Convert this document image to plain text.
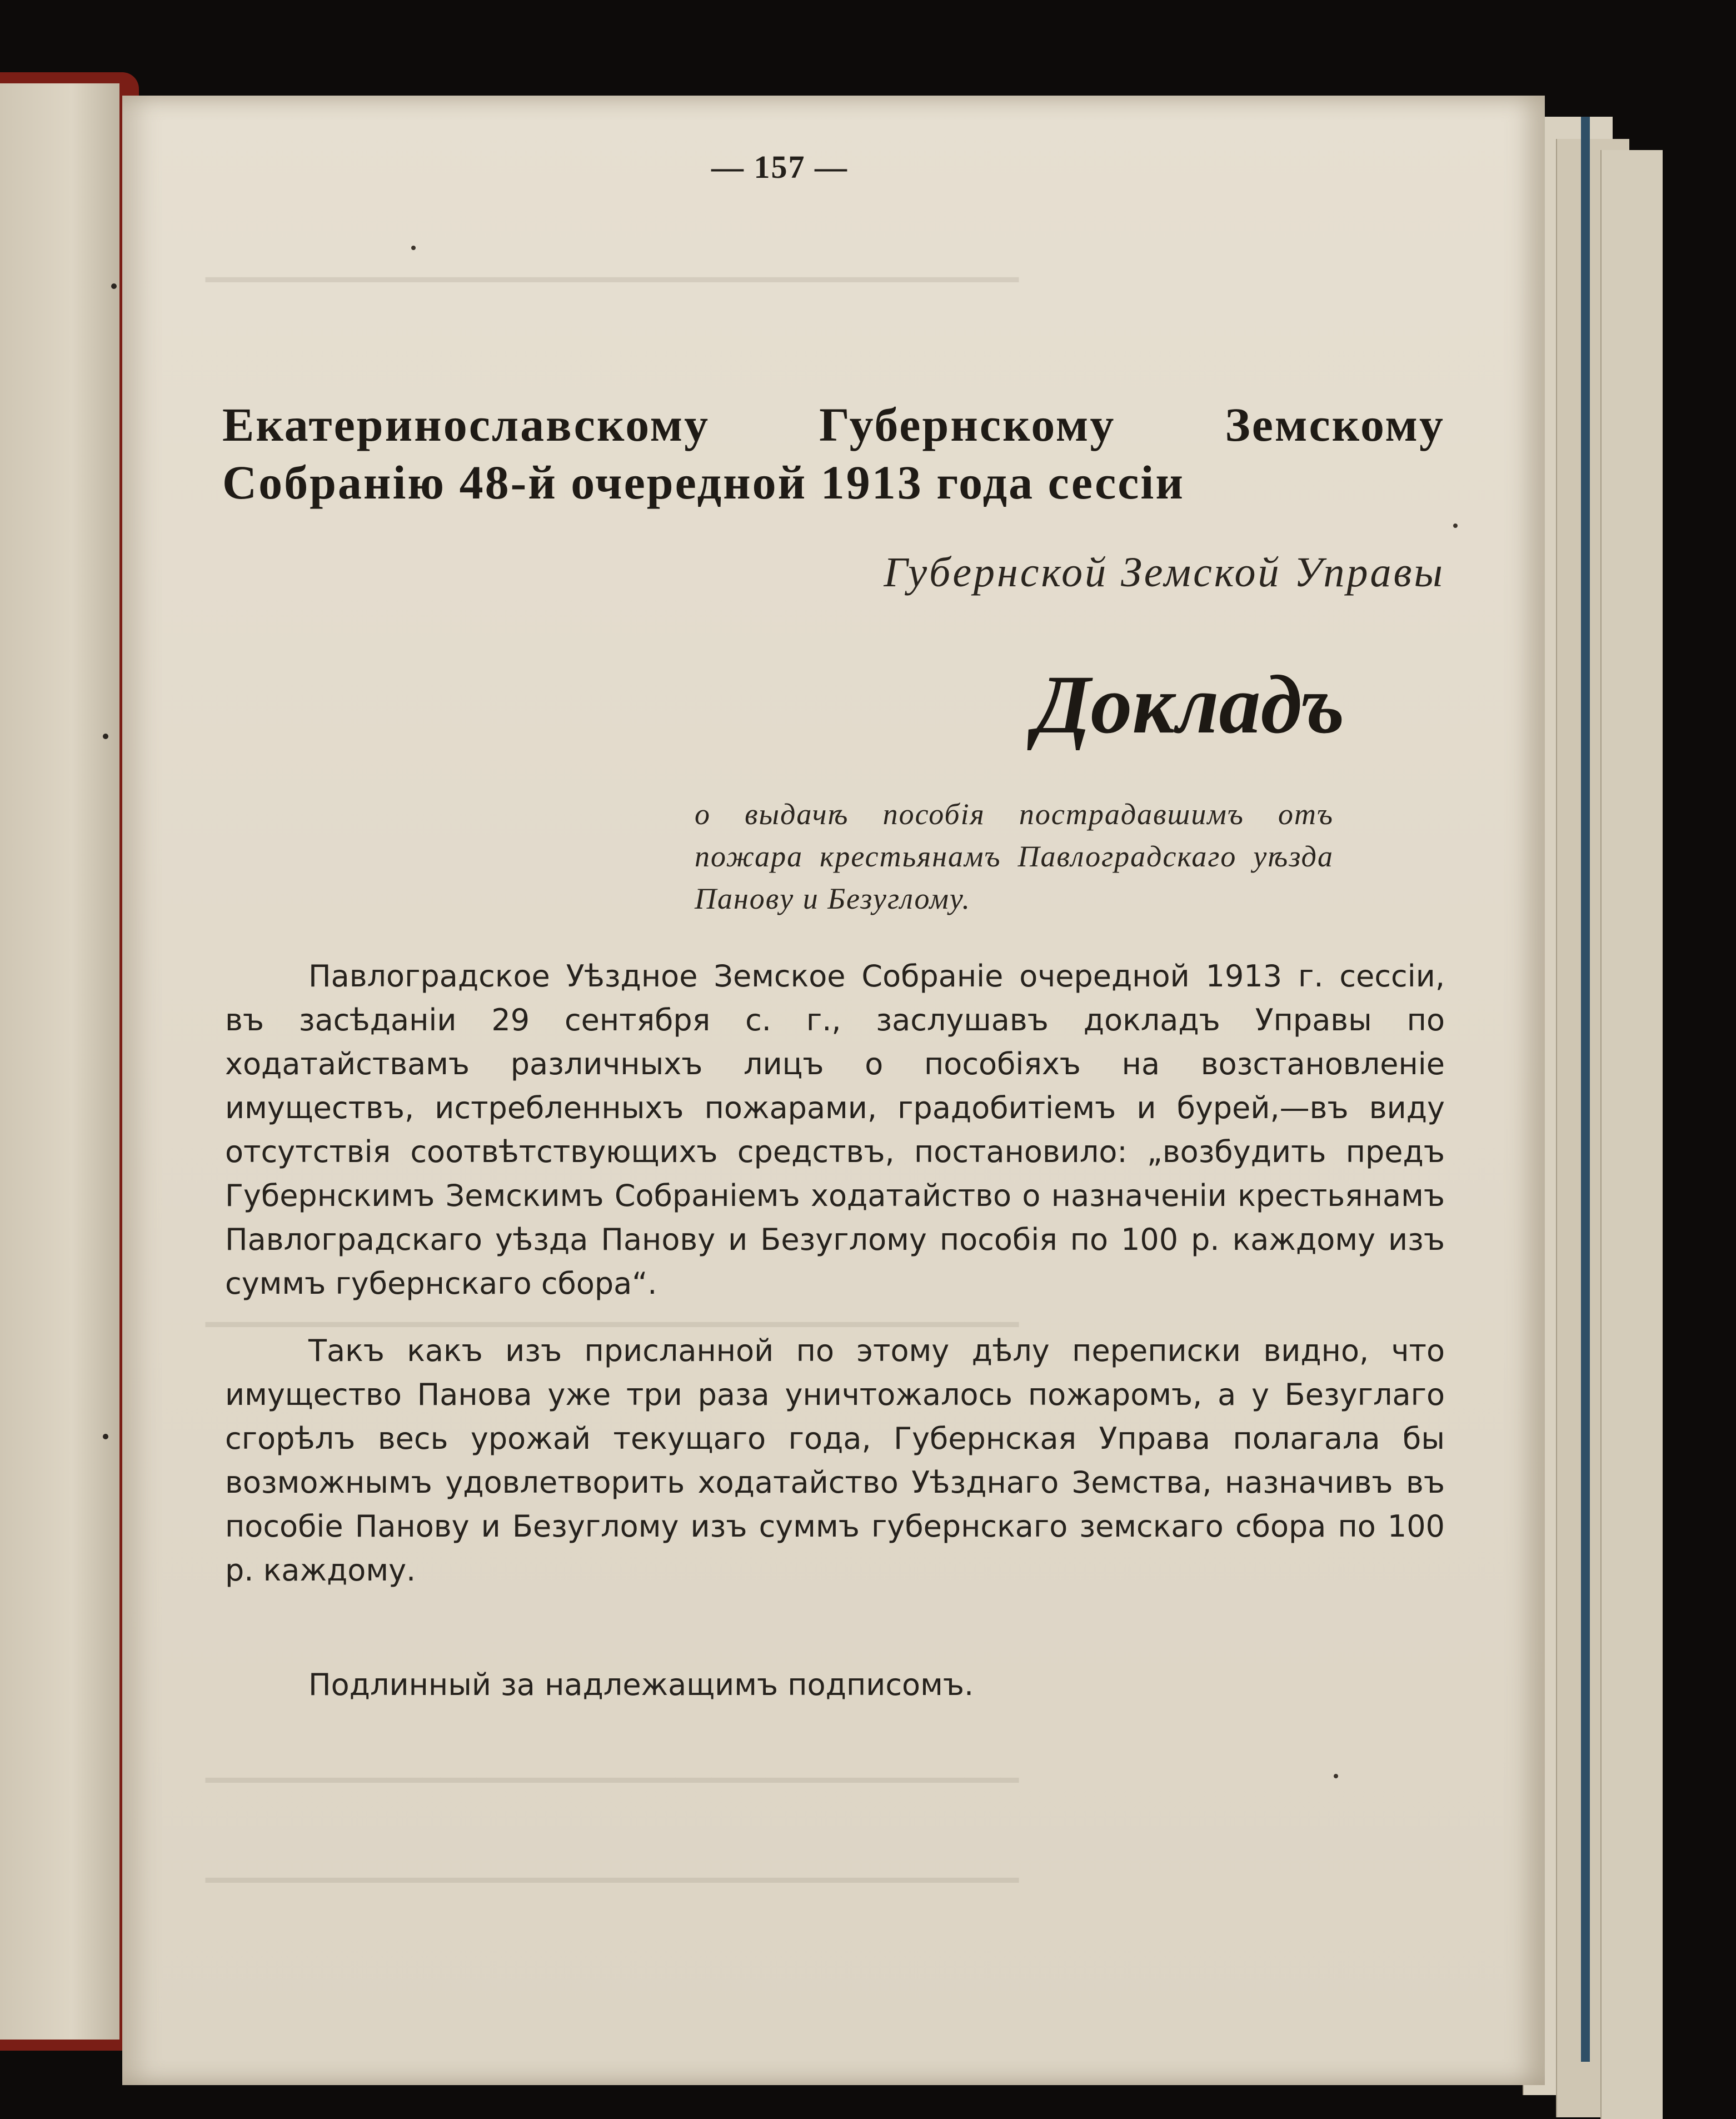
━━━━━━━━━━━━━━━━━━━━━━━━━━━━━━━━━━━━━━━━━━━━━
━━━━━━━━━━━━━━━━━━━━━━━━━━━━━━━━━━━━━━━━━━━━━
━━━━━━━━━━━━━━━━━━━━━━━━━━━━━━━━━━━━━━━━━━━━━
━━━━━━━━━━━━━━━━━━━━━━━━━━━━━━━━━━━━━━━━━━━━━
— 157 —
Екатеринославскому Губернскому Земскому Собранію 48-й очередной 1913 года сессіи
Губернской Земской Управы
Докладъ
о выдачѣ пособія пострадавшимъ отъ пожара крестьянамъ Павлоградскаго уѣзда Панову и Безуглому.

Павлоградское Уѣздное Земское Собраніе очередной 1913 г. сессіи, въ засѣданіи 29 сентября с. г., заслушавъ докладъ Управы по ходатайствамъ различныхъ лицъ о пособіяхъ на возстановленіе имуществъ, истребленныхъ пожарами, градобитіемъ и бурей,—въ виду отсутствія соотвѣтствующихъ средствъ, постановило: „возбудить предъ Губернскимъ Земскимъ Собраніемъ ходатайство о назначеніи крестьянамъ Павлоградскаго уѣзда Панову и Безуглому пособія по 100 р. каждому изъ суммъ губернскаго сбора“.

Такъ какъ изъ присланной по этому дѣлу переписки видно, что имущество Панова уже три раза уничтожалось пожаромъ, а у Безуглаго сгорѣлъ весь урожай текущаго года, Губернская Управа полагала бы возможнымъ удовлетворить ходатайство Уѣзднаго Земства, назначивъ въ пособіе Панову и Безуглому изъ суммъ губернскаго земскаго сбора по 100 р. каждому.

Подлинный за надлежащимъ подписомъ.
